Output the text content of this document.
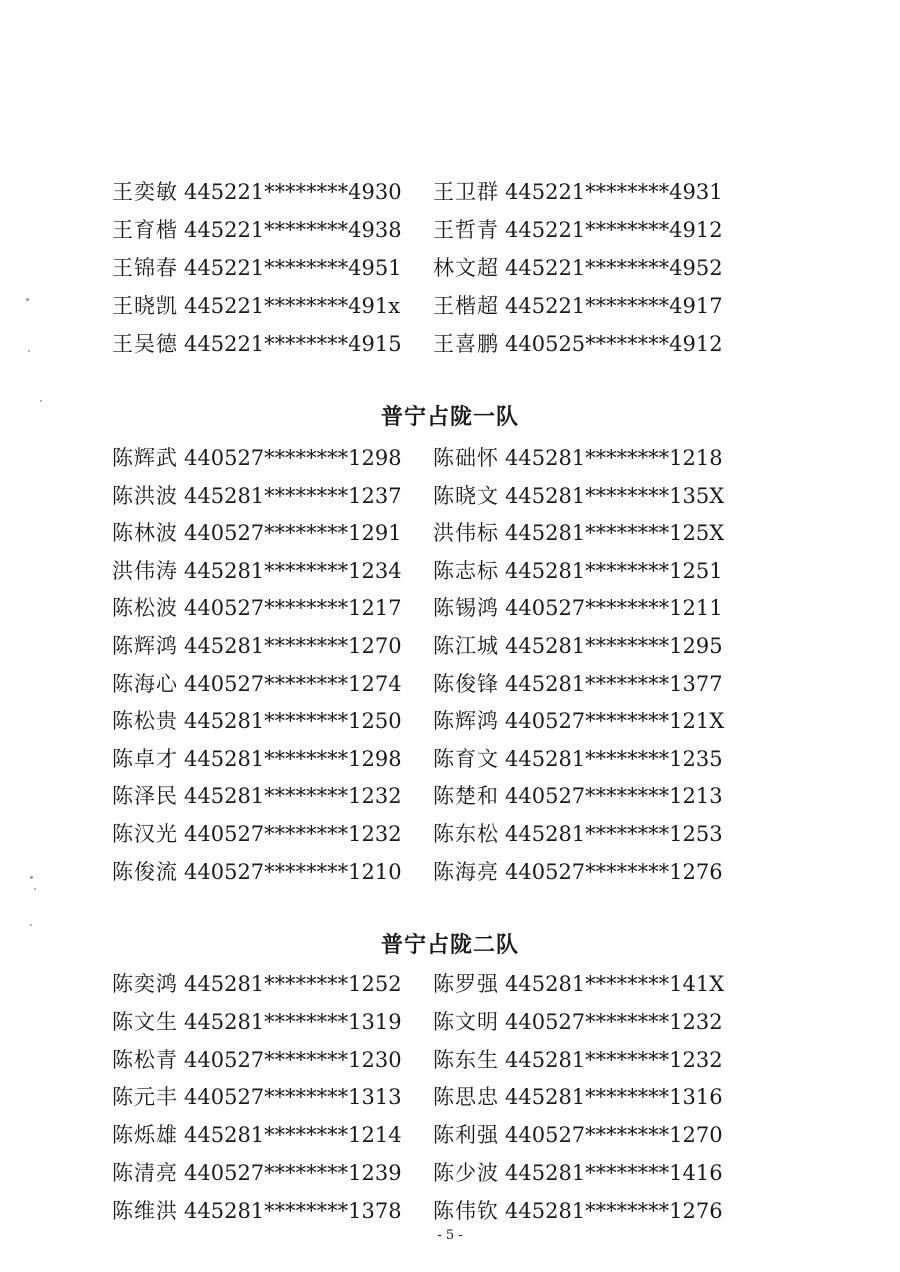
王奕敏 445221********4930	王卫群 445221********4931
王育楷 445221********4938	王哲青 445221********4912
王锦春 445221********4951	林文超 445221********4952
王晓凯 445221********491x	王楷超 445221********4917
王吴德 445221********4915	王喜鹏 440525********4912
普宁占陇一队
陈辉武 440527********1298	陈础怀 445281********1218
陈洪波 445281********1237	陈晓文 445281********135X
陈林波 440527********1291	洪伟标 445281********125X
洪伟涛 445281********1234	陈志标 445281********1251
陈松波 440527********1217	陈锡鸿 440527********1211
陈辉鸿 445281********1270	陈江城 445281********1295
陈海心 440527********1274	陈俊锋 445281********1377
陈松贵 445281********1250	陈辉鸿 440527********121X
陈卓才 445281********1298	陈育文 445281********1235
陈泽民 445281********1232	陈楚和 440527********1213
陈汉光 440527********1232	陈东松 445281********1253
陈俊流 440527********1210	陈海亮 440527********1276
普宁占陇二队
陈奕鸿 445281********1252	陈罗强 445281********141X
陈文生 445281********1319	陈文明 440527********1232
陈松青 440527********1230	陈东生 445281********1232
陈元丰 440527********1313	陈思忠 445281********1316
陈烁雄 445281********1214	陈利强 440527********1270
陈清亮 440527********1239	陈少波 445281********1416
陈维洪 445281********1378	陈伟钦 445281********1276
- 5 -
